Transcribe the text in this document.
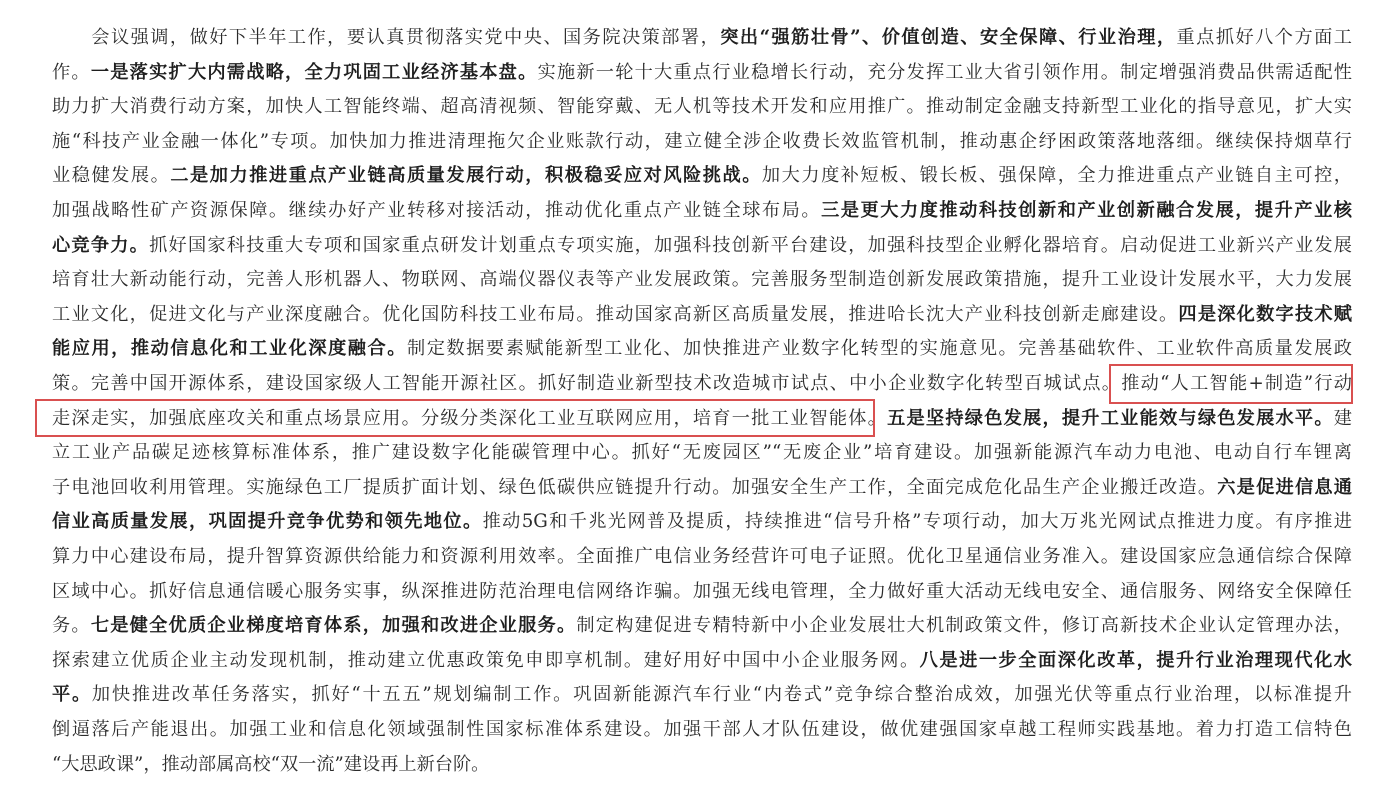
　　会议强调，做好下半年工作，要认真贯彻落实党中央、国务院决策部署，突出“强筋壮骨”、价值创造、安全保障、行业治理，重点抓好八个方面工
作。一是落实扩大内需战略，全力巩固工业经济基本盘。实施新一轮十大重点行业稳增长行动，充分发挥工业大省引领作用。制定增强消费品供需适配性
助力扩大消费行动方案，加快人工智能终端、超高清视频、智能穿戴、无人机等技术开发和应用推广。推动制定金融支持新型工业化的指导意见，扩大实
施“科技产业金融一体化”专项。加快加力推进清理拖欠企业账款行动，建立健全涉企收费长效监管机制，推动惠企纾困政策落地落细。继续保持烟草行
业稳健发展。二是加力推进重点产业链高质量发展行动，积极稳妥应对风险挑战。加大力度补短板、锻长板、强保障，全力推进重点产业链自主可控，
加强战略性矿产资源保障。继续办好产业转移对接活动，推动优化重点产业链全球布局。三是更大力度推动科技创新和产业创新融合发展，提升产业核
心竞争力。抓好国家科技重大专项和国家重点研发计划重点专项实施，加强科技创新平台建设，加强科技型企业孵化器培育。启动促进工业新兴产业发展
培育壮大新动能行动，完善人形机器人、物联网、高端仪器仪表等产业发展政策。完善服务型制造创新发展政策措施，提升工业设计发展水平，大力发展
工业文化，促进文化与产业深度融合。优化国防科技工业布局。推动国家高新区高质量发展，推进哈长沈大产业科技创新走廊建设。四是深化数字技术赋
能应用，推动信息化和工业化深度融合。制定数据要素赋能新型工业化、加快推进产业数字化转型的实施意见。完善基础软件、工业软件高质量发展政
策。完善中国开源体系，建设国家级人工智能开源社区。抓好制造业新型技术改造城市试点、中小企业数字化转型百城试点。推动“人工智能+制造”行动
走深走实，加强底座攻关和重点场景应用。分级分类深化工业互联网应用，培育一批工业智能体。五是坚持绿色发展，提升工业能效与绿色发展水平。建
立工业产品碳足迹核算标准体系，推广建设数字化能碳管理中心。抓好“无废园区”“无废企业”培育建设。加强新能源汽车动力电池、电动自行车锂离
子电池回收利用管理。实施绿色工厂提质扩面计划、绿色低碳供应链提升行动。加强安全生产工作，全面完成危化品生产企业搬迁改造。六是促进信息通
信业高质量发展，巩固提升竞争优势和领先地位。推动5G和千兆光网普及提质，持续推进“信号升格”专项行动，加大万兆光网试点推进力度。有序推进
算力中心建设布局，提升智算资源供给能力和资源利用效率。全面推广电信业务经营许可电子证照。优化卫星通信业务准入。建设国家应急通信综合保障
区域中心。抓好信息通信暖心服务实事，纵深推进防范治理电信网络诈骗。加强无线电管理，全力做好重大活动无线电安全、通信服务、网络安全保障任
务。七是健全优质企业梯度培育体系，加强和改进企业服务。制定构建促进专精特新中小企业发展壮大机制政策文件，修订高新技术企业认定管理办法，
探索建立优质企业主动发现机制，推动建立优惠政策免申即享机制。建好用好中国中小企业服务网。八是进一步全面深化改革，提升行业治理现代化水
平。加快推进改革任务落实，抓好“十五五”规划编制工作。巩固新能源汽车行业“内卷式”竞争综合整治成效，加强光伏等重点行业治理，以标准提升
倒逼落后产能退出。加强工业和信息化领域强制性国家标准体系建设。加强干部人才队伍建设，做优建强国家卓越工程师实践基地。着力打造工信特色
“大思政课”，推动部属高校“双一流”建设再上新台阶。
